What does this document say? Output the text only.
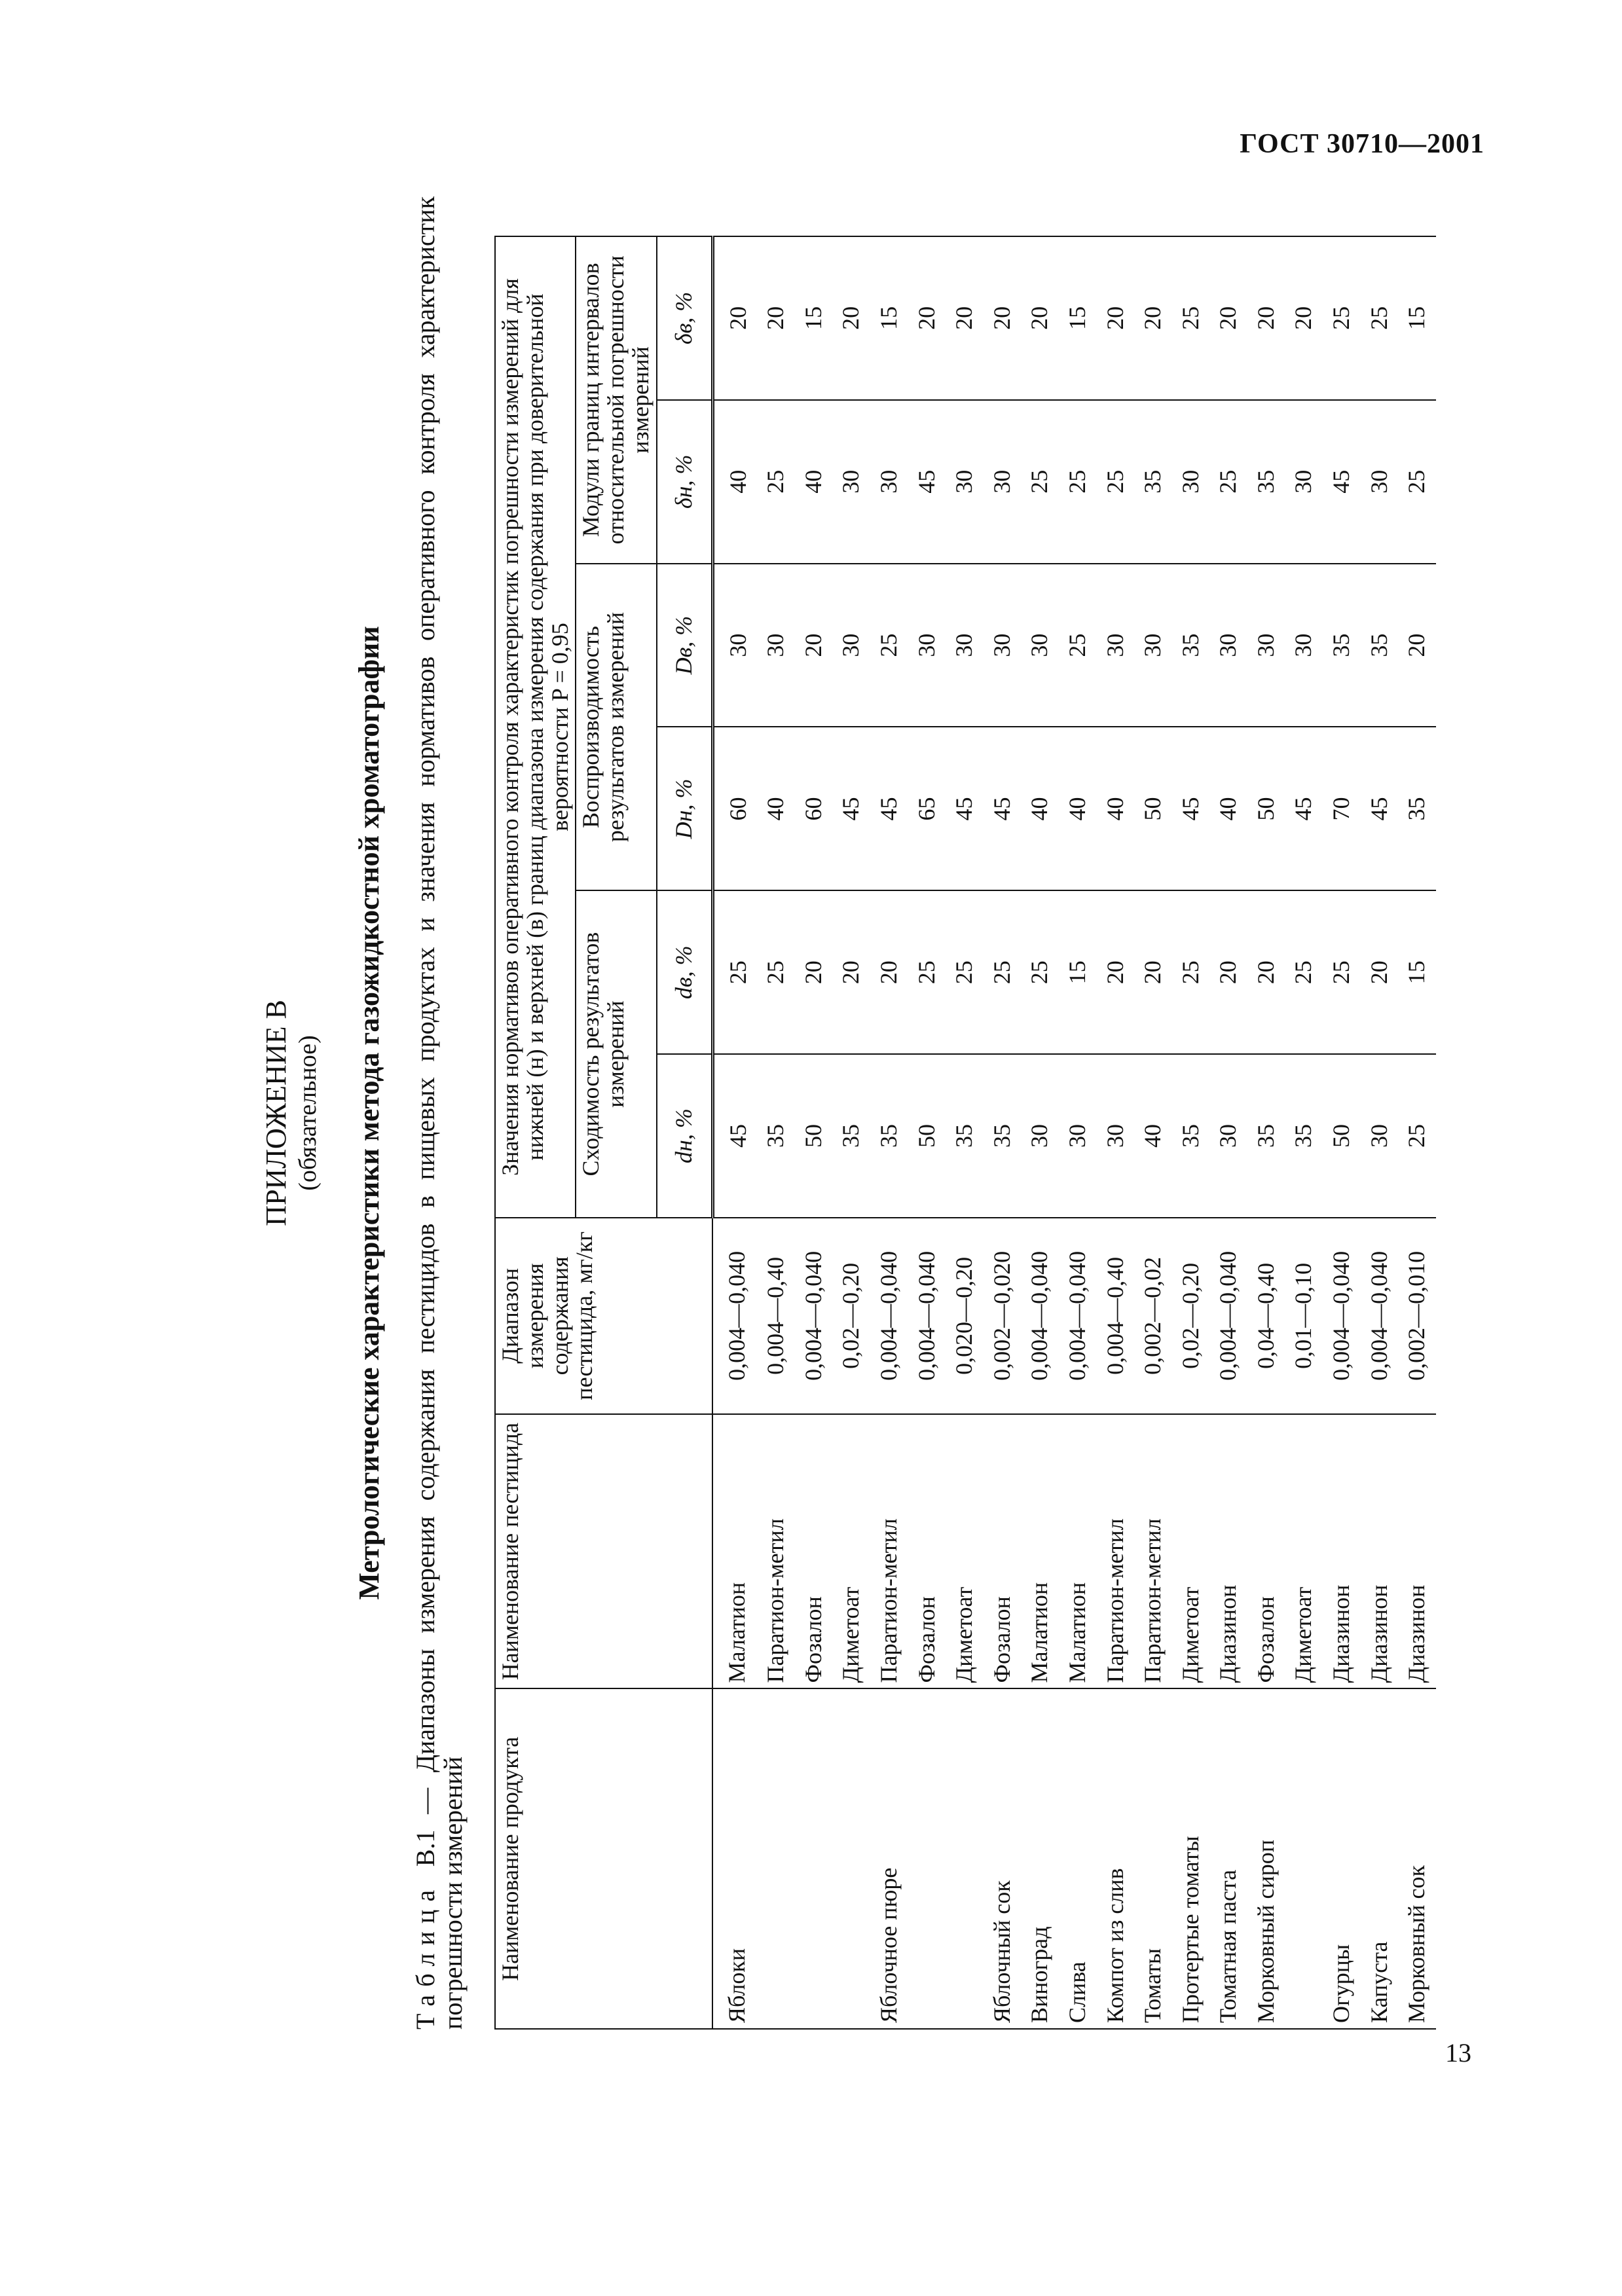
ГОСТ 30710—2001
ПРИЛОЖЕНИЕ В (обязательное) Метрологические характеристики метода газожидкостной хроматографии
Таблица В.1 — Диапазоны измерения содержания пестицидов в пищевых продуктах и значения нормативов оперативного контроля характеристик погрешности измерений Наименование продукта	Наименование пестицида	Диапазон измерения содержания пестицида, мг/кг	Значения нормативов оперативного контроля характеристик погрешности измерений для нижней (н) и верхней (в) границ диапазона измерения содержания при доверительной вероятности P = 0,95					
			Сходимость результатов измерений		Воспроизводимость результатов измерений		Модули границ интервалов относительной погрешности измерений	
			dн, %	dв, %	Dн, %	Dв, %	δн, %	δв, %
Яблоки	Малатион	0,004—0,040	45	25	60	30	40	20
	Паратион-метил	0,004—0,40	35	25	40	30	25	20
	Фозалон	0,004—0,040	50	20	60	20	40	15
	Диметоат	0,02—0,20	35	20	45	30	30	20
Яблочное пюре	Паратион-метил	0,004—0,040	35	20	45	25	30	15
	Фозалон	0,004—0,040	50	25	65	30	45	20
	Диметоат	0,020—0,20	35	25	45	30	30	20
Яблочный сок	Фозалон	0,002—0,020	35	25	45	30	30	20
Виноград	Малатион	0,004—0,040	30	25	40	30	25	20
Слива	Малатион	0,004—0,040	30	15	40	25	25	15
Компот из слив	Паратион-метил	0,004—0,40	30	20	40	30	25	20
Томаты	Паратион-метил	0,002—0,02	40	20	50	30	35	20
Протертые томаты	Диметоат	0,02—0,20	35	25	45	35	30	25
Томатная паста	Диазинон	0,004—0,040	30	20	40	30	25	20
Морковный сироп	Фозалон	0,04—0,40	35	20	50	30	35	20
	Диметоат	0,01—0,10	35	25	45	30	30	20
Огурцы	Диазинон	0,004—0,040	50	25	70	35	45	25
Капуста	Диазинон	0,004—0,040	30	20	45	35	30	25
Морковный сок	Диазинон	0,002—0,010	25	15	35	20	25	15
13
